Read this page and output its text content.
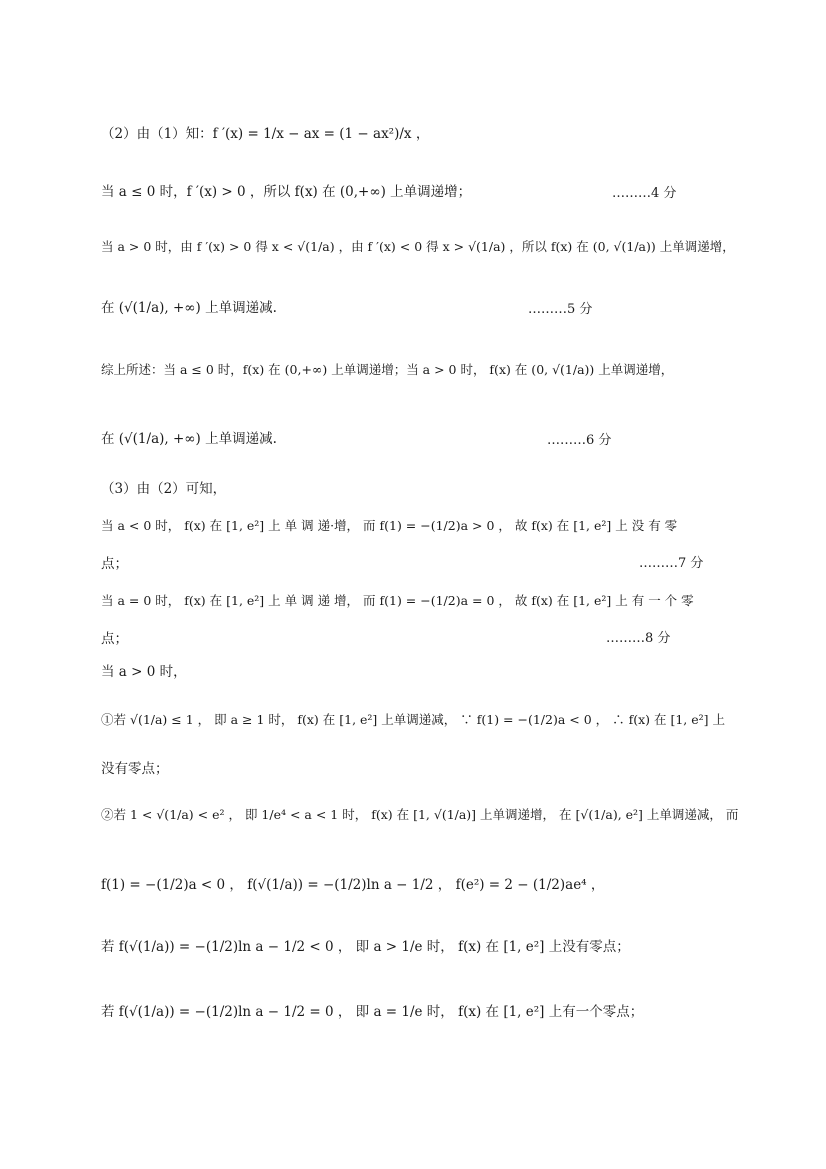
（2）由（1）知：f ′(x) = 1/x − ax = (1 − ax²)/x ，
当 a ≤ 0 时，f ′(x) > 0 ，所以 f(x) 在 (0,+∞) 上单调递增；	………4 分
当 a > 0 时，由 f ′(x) > 0 得 x < √(1/a) ，由 f ′(x) < 0 得 x > √(1/a) ，所以 f(x) 在 (0, √(1/a)) 上单调递增，
在 (√(1/a), +∞) 上单调递减.	………5 分
综上所述：当 a ≤ 0 时，f(x) 在 (0,+∞) 上单调递增；当 a > 0 时， f(x) 在 (0, √(1/a)) 上单调递增，
在 (√(1/a), +∞) 上单调递减.	………6 分
（3）由（2）可知，
当 a < 0 时， f(x) 在 [1, e²] 上 单 调 递·增， 而 f(1) = −(1/2)a > 0 ， 故 f(x) 在 [1, e²] 上 没 有 零
点；	………7 分
当 a = 0 时， f(x) 在 [1, e²] 上 单 调 递 增， 而 f(1) = −(1/2)a = 0 ， 故 f(x) 在 [1, e²] 上 有 一 个 零
点；	………8 分
当 a > 0 时，
①若 √(1/a) ≤ 1 ， 即 a ≥ 1 时， f(x) 在 [1, e²] 上单调递减， ∵ f(1) = −(1/2)a < 0 ， ∴ f(x) 在 [1, e²] 上
没有零点；
②若 1 < √(1/a) < e² ， 即 1/e⁴ < a < 1 时， f(x) 在 [1, √(1/a)] 上单调递增， 在 [√(1/a), e²] 上单调递减， 而
f(1) = −(1/2)a < 0 ， f(√(1/a)) = −(1/2)ln a − 1/2 ， f(e²) = 2 − (1/2)ae⁴ ，
若 f(√(1/a)) = −(1/2)ln a − 1/2 < 0 ， 即 a > 1/e 时， f(x) 在 [1, e²] 上没有零点；
若 f(√(1/a)) = −(1/2)ln a − 1/2 = 0 ， 即 a = 1/e 时， f(x) 在 [1, e²] 上有一个零点；
